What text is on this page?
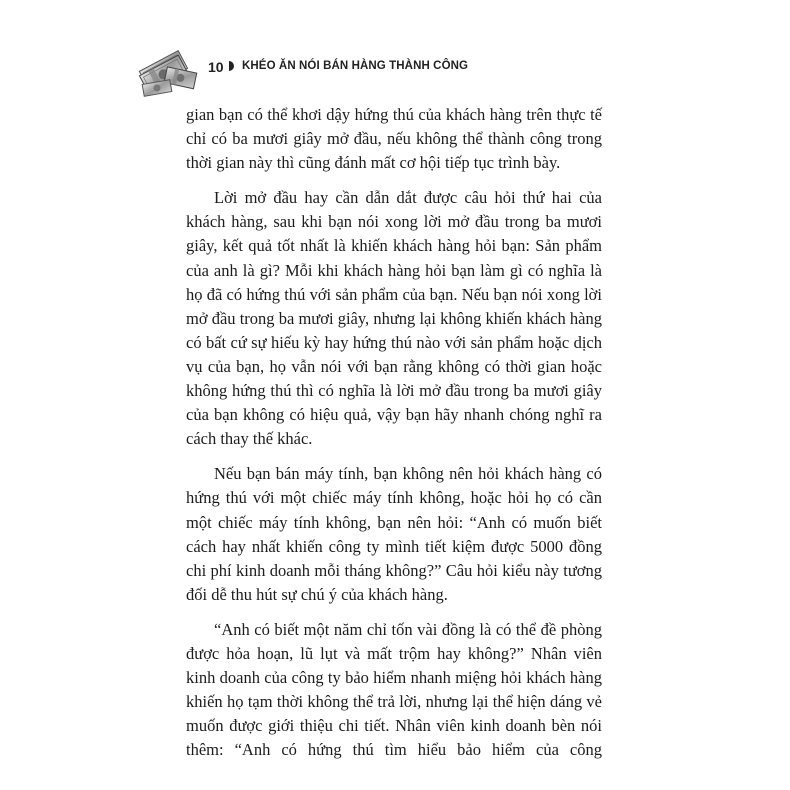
10 KHÉO ĂN NÓI BÁN HÀNG THÀNH CÔNG

gian bạn có thể khơi dậy hứng thú của khách hàng trên thực tế chỉ có ba mươi giây mở đầu, nếu không thể thành công trong thời gian này thì cũng đánh mất cơ hội tiếp tục trình bày.

Lời mở đầu hay cần dẫn dắt được câu hỏi thứ hai của khách hàng, sau khi bạn nói xong lời mở đầu trong ba mươi giây, kết quả tốt nhất là khiến khách hàng hỏi bạn: Sản phẩm của anh là gì? Mỗi khi khách hàng hỏi bạn làm gì có nghĩa là họ đã có hứng thú với sản phẩm của bạn. Nếu bạn nói xong lời mở đầu trong ba mươi giây, nhưng lại không khiến khách hàng có bất cứ sự hiếu kỳ hay hứng thú nào với sản phẩm hoặc dịch vụ của bạn, họ vẫn nói với bạn rằng không có thời gian hoặc không hứng thú thì có nghĩa là lời mở đầu trong ba mươi giây của bạn không có hiệu quả, vậy bạn hãy nhanh chóng nghĩ ra cách thay thế khác.

Nếu bạn bán máy tính, bạn không nên hỏi khách hàng có hứng thú với một chiếc máy tính không, hoặc hỏi họ có cần một chiếc máy tính không, bạn nên hỏi: “Anh có muốn biết cách hay nhất khiến công ty mình tiết kiệm được 5000 đồng chi phí kinh doanh mỗi tháng không?” Câu hỏi kiểu này tương đối dễ thu hút sự chú ý của khách hàng.

“Anh có biết một năm chỉ tốn vài đồng là có thể đề phòng được hỏa hoạn, lũ lụt và mất trộm hay không?” Nhân viên kinh doanh của công ty bảo hiểm nhanh miệng hỏi khách hàng khiến họ tạm thời không thể trả lời, nhưng lại thể hiện dáng vẻ muốn được giới thiệu chi tiết. Nhân viên kinh doanh bèn nói thêm: “Anh có hứng thú tìm hiểu bảo hiểm của công
